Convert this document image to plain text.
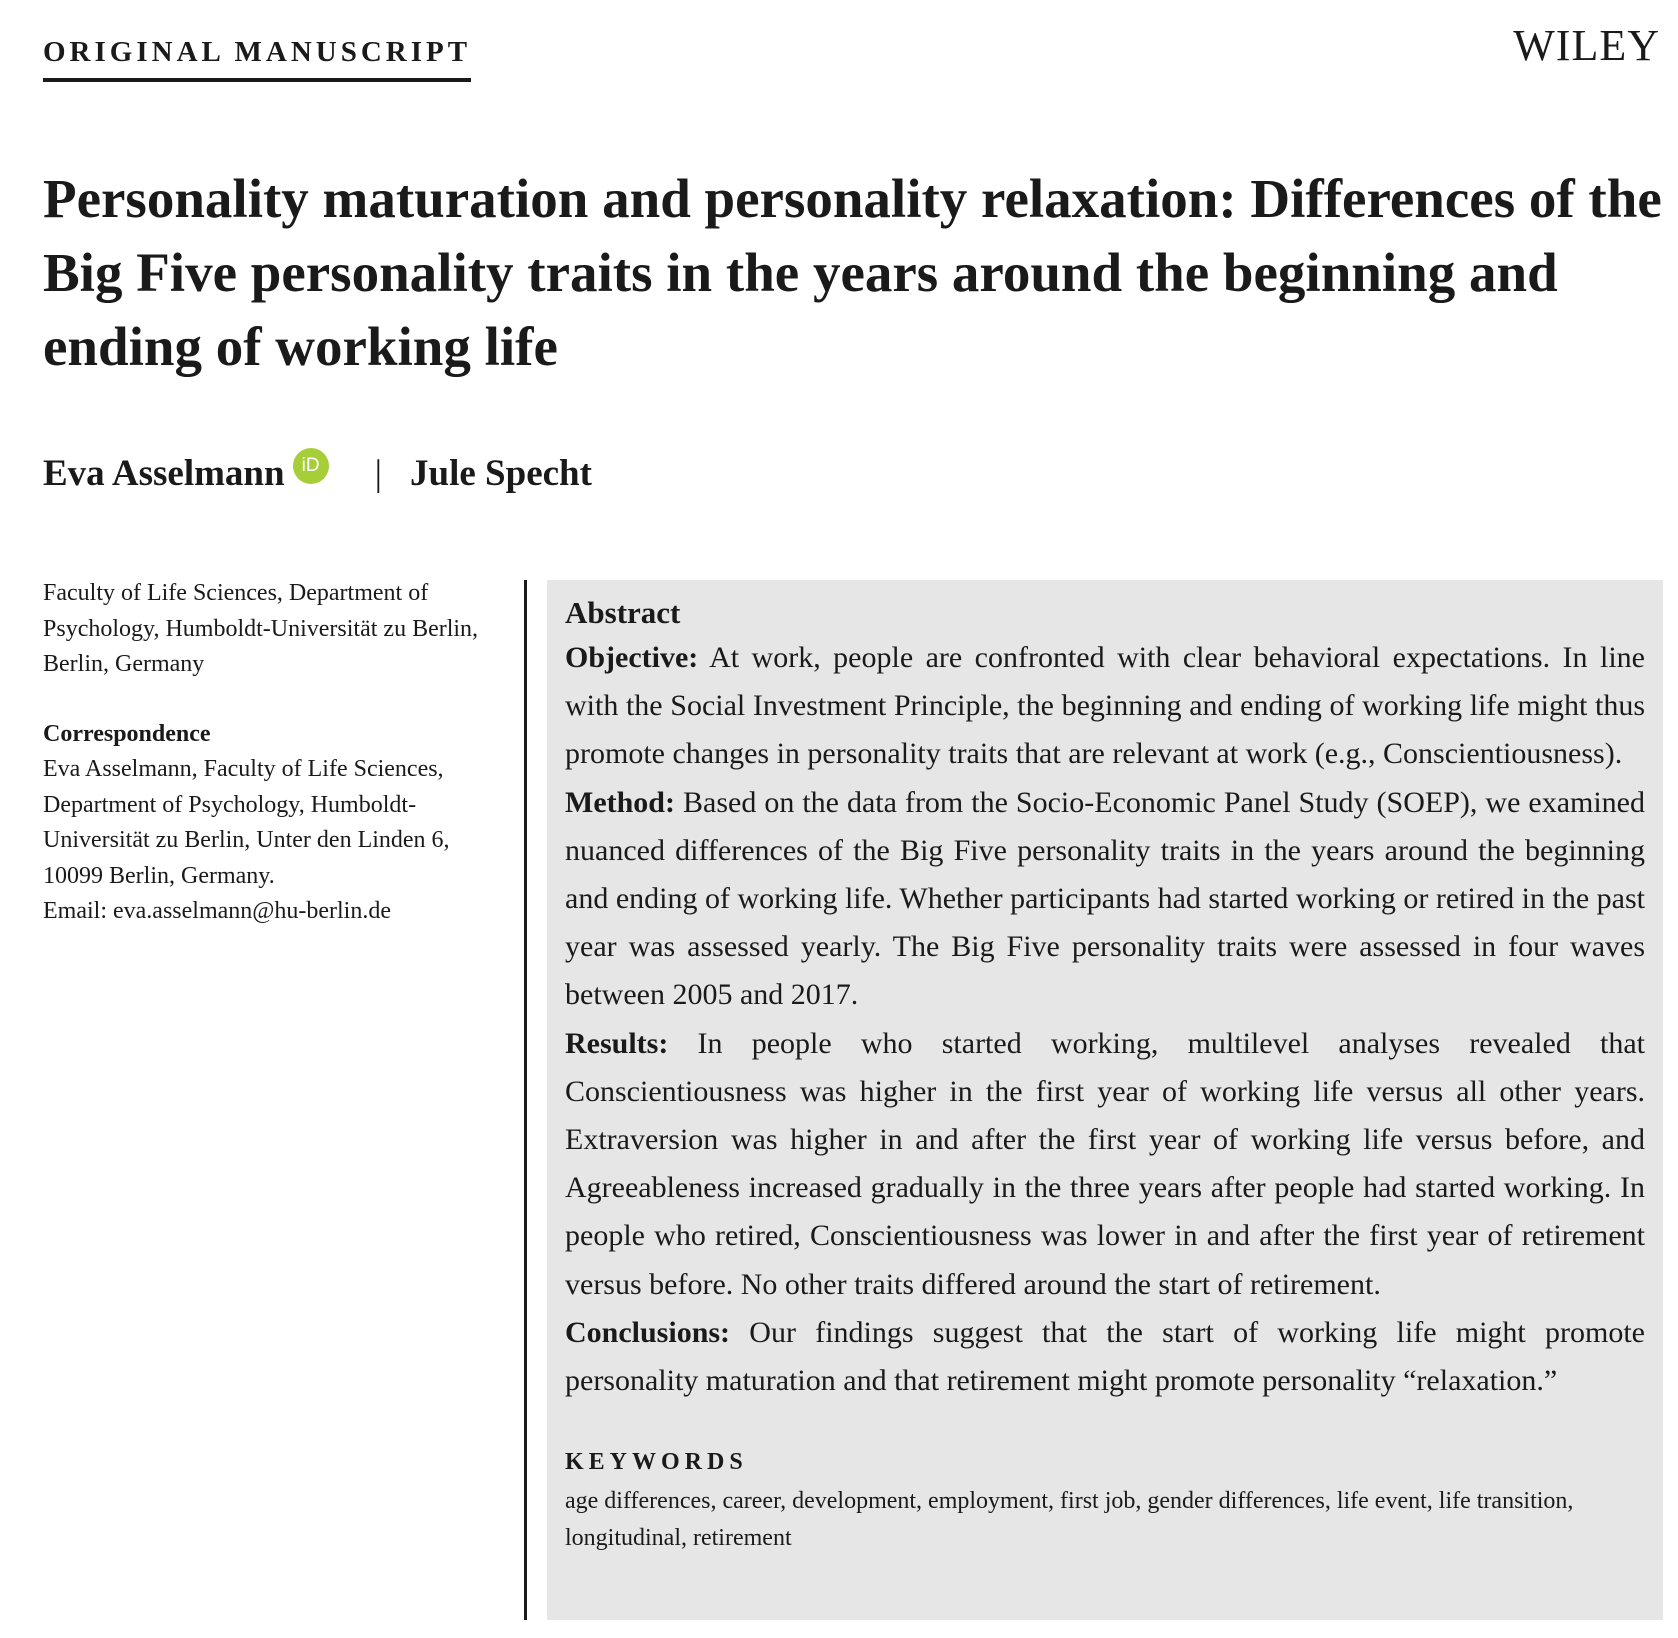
ORIGINAL MANUSCRIPT	WILEY
Personality maturation and personality relaxation: Differences of the Big Five personality traits in the years around the beginning and ending of working life
Eva Asselmann iD | Jule Specht

Faculty of Life Sciences, Department of Psychology, Humboldt-Universität zu Berlin, Berlin, Germany

Correspondence

Eva Asselmann, Faculty of Life Sciences, Department of Psychology, Humboldt-Universität zu Berlin, Unter den Linden 6, 10099 Berlin, Germany.

Email: eva.asselmann@hu-berlin.de

Abstract

Objective: At work, people are confronted with clear behavioral expectations. In line with the Social Investment Principle, the beginning and ending of working life might thus promote changes in personality traits that are relevant at work (e.g., Conscientiousness).

Method: Based on the data from the Socio-Economic Panel Study (SOEP), we examined nuanced differences of the Big Five personality traits in the years around the beginning and ending of working life. Whether participants had started working or retired in the past year was assessed yearly. The Big Five personality traits were assessed in four waves between 2005 and 2017.

Results: In people who started working, multilevel analyses revealed that Conscientiousness was higher in the first year of working life versus all other years. Extraversion was higher in and after the first year of working life versus before, and Agreeableness increased gradually in the three years after people had started working. In people who retired, Conscientiousness was lower in and after the first year of retirement versus before. No other traits differed around the start of retirement.

Conclusions: Our findings suggest that the start of working life might promote personality maturation and that retirement might promote personality “relaxation.”

KEYWORDS

age differences, career, development, employment, first job, gender differences, life event, life transition, longitudinal, retirement
